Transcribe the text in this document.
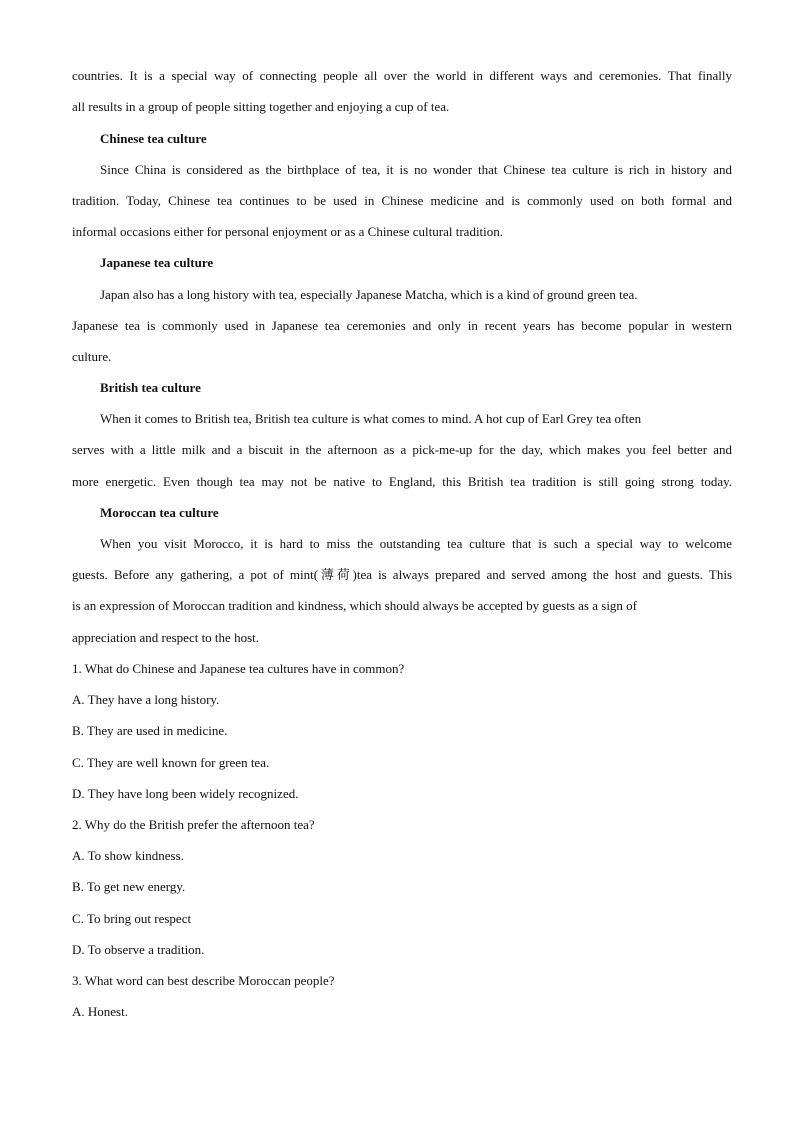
countries. It is a special way of connecting people all over the world in different ways and ceremonies. That finally

all results in a group of people sitting together and enjoying a cup of tea.

Chinese tea culture

Since China is considered as the birthplace of tea, it is no wonder that Chinese tea culture is rich in history and

tradition. Today, Chinese tea continues to be used in Chinese medicine and is commonly used on both formal and

informal occasions either for personal enjoyment or as a Chinese cultural tradition.

Japanese tea culture

Japan also has a long history with tea, especially Japanese Matcha, which is a kind of ground green tea.

Japanese tea is commonly used in Japanese tea ceremonies and only in recent years has become popular in western

culture.

British tea culture

When it comes to British tea, British tea culture is what comes to mind. A hot cup of Earl Grey tea often

serves with a little milk and a biscuit in the afternoon as a pick-me-up for the day, which makes you feel better and

more energetic. Even though tea may not be native to England, this British tea tradition is still going strong today.

Moroccan tea culture

When you visit Morocco, it is hard to miss the outstanding tea culture that is such a special way to welcome

guests. Before any gathering, a pot of mint(薄荷)tea is always prepared and served among the host and guests. This

is an expression of Moroccan tradition and kindness, which should always be accepted by guests as a sign of

appreciation and respect to the host.

1. What do Chinese and Japanese tea cultures have in common?

A. They have a long history.

B. They are used in medicine.

C. They are well known for green tea.

D. They have long been widely recognized.

2. Why do the British prefer the afternoon tea?

A. To show kindness.

B. To get new energy.

C. To bring out respect

D. To observe a tradition.

3. What word can best describe Moroccan people?

A. Honest.
